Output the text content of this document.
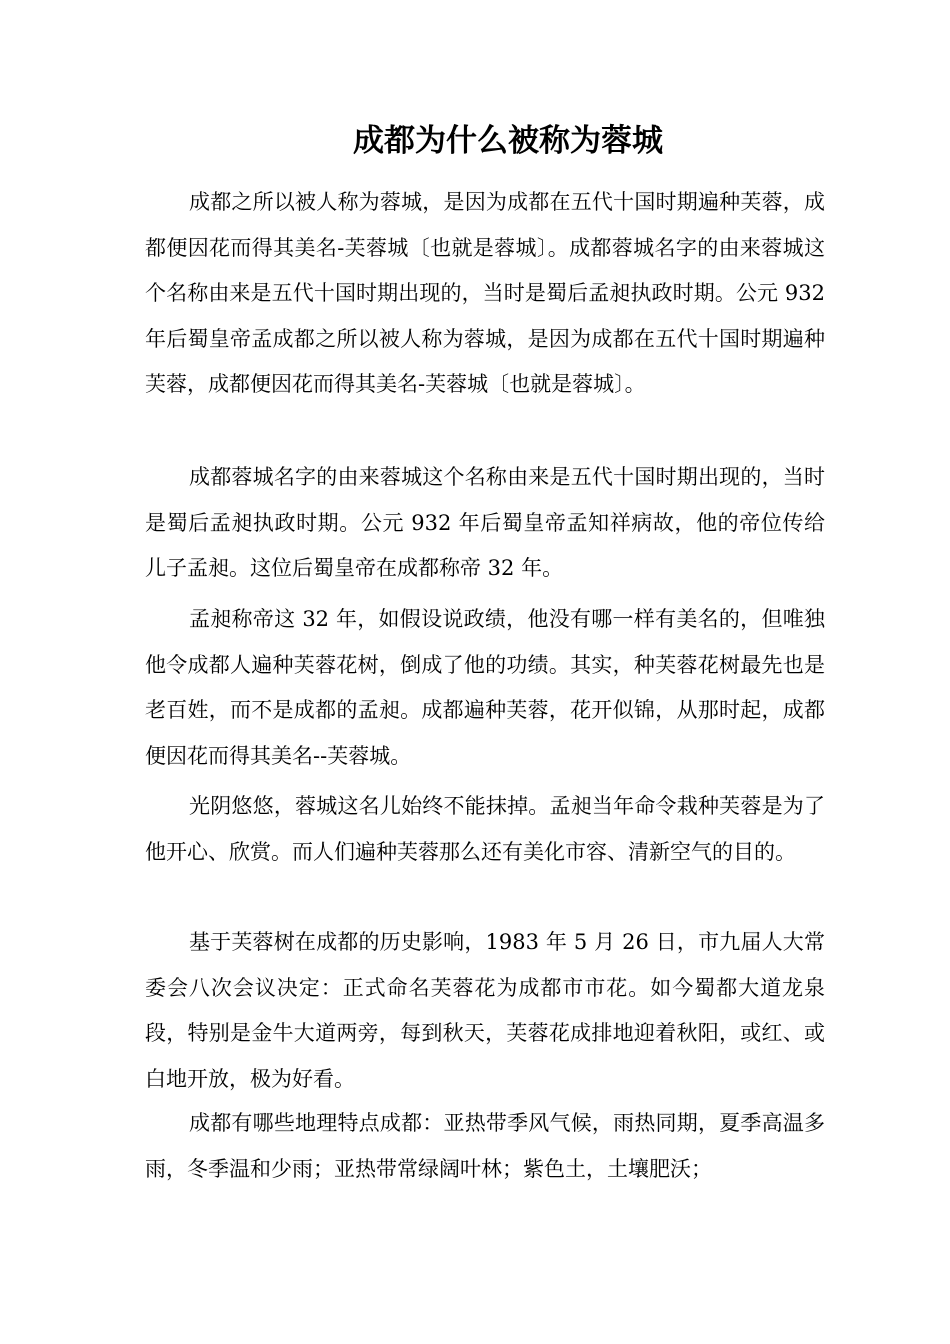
成都为什么被称为蓉城

成都之所以被人称为蓉城，是因为成都在五代十国时期遍种芙蓉，成都便因花而得其美名-芙蓉城〔也就是蓉城〕。成都蓉城名字的由来蓉城这个名称由来是五代十国时期出现的，当时是蜀后孟昶执政时期。公元 932 年后蜀皇帝孟成都之所以被人称为蓉城，是因为成都在五代十国时期遍种芙蓉，成都便因花而得其美名-芙蓉城〔也就是蓉城〕。

成都蓉城名字的由来蓉城这个名称由来是五代十国时期出现的，当时是蜀后孟昶执政时期。公元 932 年后蜀皇帝孟知祥病故，他的帝位传给儿子孟昶。这位后蜀皇帝在成都称帝 32 年。

孟昶称帝这 32 年，如假设说政绩，他没有哪一样有美名的，但唯独他令成都人遍种芙蓉花树，倒成了他的功绩。其实，种芙蓉花树最先也是老百姓，而不是成都的孟昶。成都遍种芙蓉，花开似锦，从那时起，成都便因花而得其美名--芙蓉城。

光阴悠悠，蓉城这名儿始终不能抹掉。孟昶当年命令栽种芙蓉是为了他开心、欣赏。而人们遍种芙蓉那么还有美化市容、清新空气的目的。

基于芙蓉树在成都的历史影响，1983 年 5 月 26 日，市九届人大常委会八次会议决定：正式命名芙蓉花为成都市市花。如今蜀都大道龙泉段，特别是金牛大道两旁，每到秋天，芙蓉花成排地迎着秋阳，或红、或白地开放，极为好看。

成都有哪些地理特点成都：亚热带季风气候，雨热同期，夏季高温多雨，冬季温和少雨；亚热带常绿阔叶林；紫色土，土壤肥沃；
